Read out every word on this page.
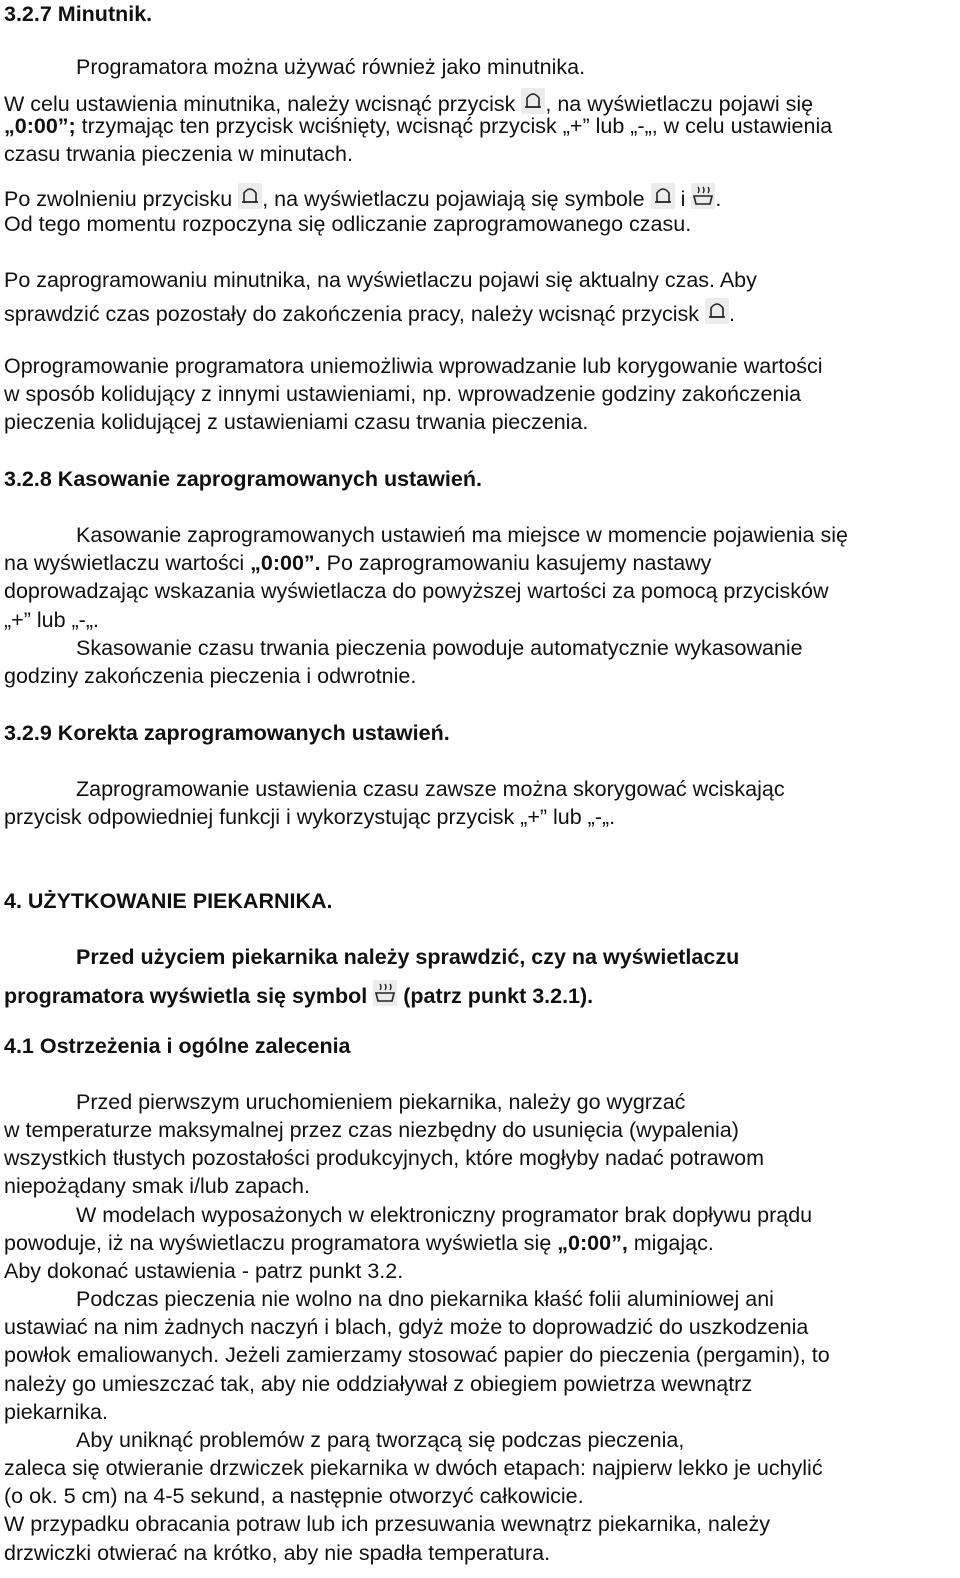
3.2.7 Minutnik.
Programatora można używać również jako minutnika.
W celu ustawienia minutnika, należy wcisnąć przycisk , na wyświetlaczu pojawi się
„0:00”; trzymając ten przycisk wciśnięty, wcisnąć przycisk „+” lub „-„, w celu ustawienia
czasu trwania pieczenia w minutach.
Po zwolnieniu przycisku , na wyświetlaczu pojawiają się symbole
i .
Od tego momentu rozpoczyna się odliczanie zaprogramowanego czasu.
Po zaprogramowaniu minutnika, na wyświetlaczu pojawi się aktualny czas. Aby
sprawdzić czas pozostały do zakończenia pracy, należy wcisnąć przycisk .
Oprogramowanie programatora uniemożliwia wprowadzanie lub korygowanie wartości
w sposób kolidujący z innymi ustawieniami, np. wprowadzenie godziny zakończenia
pieczenia kolidującej z ustawieniami czasu trwania pieczenia.
3.2.8 Kasowanie zaprogramowanych ustawień.
Kasowanie zaprogramowanych ustawień ma miejsce w momencie pojawienia się
na wyświetlaczu wartości „0:00”. Po zaprogramowaniu kasujemy nastawy
doprowadzając wskazania wyświetlacza do powyższej wartości za pomocą przycisków
„+” lub „-„.
Skasowanie czasu trwania pieczenia powoduje automatycznie wykasowanie
godziny zakończenia pieczenia i odwrotnie.
3.2.9 Korekta zaprogramowanych ustawień.
Zaprogramowanie ustawienia czasu zawsze można skorygować wciskając
przycisk odpowiedniej funkcji i wykorzystując przycisk „+” lub „-„.
4. UŻYTKOWANIE PIEKARNIKA.
Przed użyciem piekarnika należy sprawdzić, czy na wyświetlaczu
programatora wyświetla się symbol
(patrz punkt 3.2.1).
4.1 Ostrzeżenia i ogólne zalecenia
Przed pierwszym uruchomieniem piekarnika, należy go wygrzać
w temperaturze maksymalnej przez czas niezbędny do usunięcia (wypalenia)
wszystkich tłustych pozostałości produkcyjnych, które mogłyby nadać potrawom
niepożądany smak i/lub zapach.
W modelach wyposażonych w elektroniczny programator brak dopływu prądu
powoduje, iż na wyświetlaczu programatora wyświetla się „0:00”, migając.
Aby dokonać ustawienia - patrz punkt 3.2.
Podczas pieczenia nie wolno na dno piekarnika kłaść folii aluminiowej ani
ustawiać na nim żadnych naczyń i blach, gdyż może to doprowadzić do uszkodzenia
powłok emaliowanych. Jeżeli zamierzamy stosować papier do pieczenia (pergamin), to
należy go umieszczać tak, aby nie oddziaływał z obiegiem powietrza wewnątrz
piekarnika.
Aby uniknąć problemów z parą tworzącą się podczas pieczenia,
zaleca się otwieranie drzwiczek piekarnika w dwóch etapach: najpierw lekko je uchylić
(o ok. 5 cm) na 4-5 sekund, a następnie otworzyć całkowicie.
W przypadku obracania potraw lub ich przesuwania wewnątrz piekarnika, należy
drzwiczki otwierać na krótko, aby nie spadła temperatura.
